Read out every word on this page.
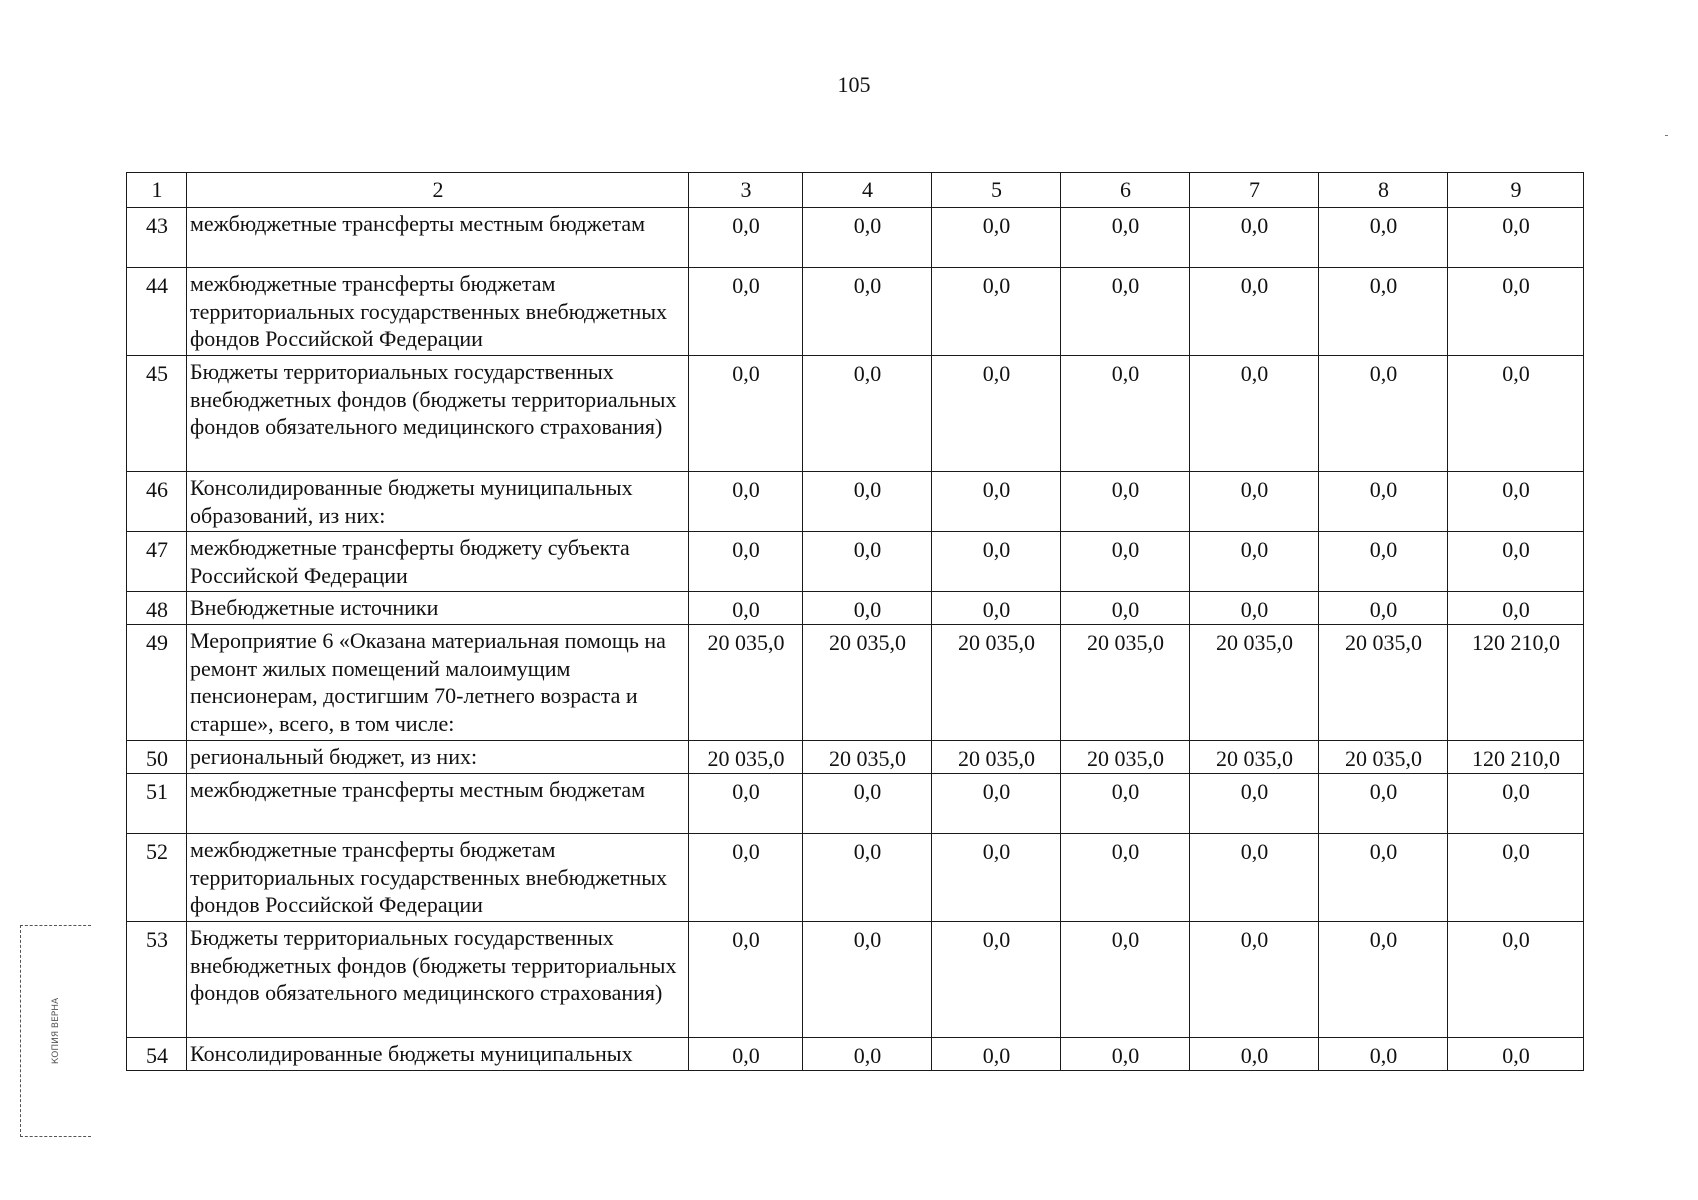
105
1	2	3	4	5	6	7	8	9
43	межбюджетные трансферты местным бюджетам	0,0	0,0	0,0	0,0	0,0	0,0	0,0
44	межбюджетные трансферты бюджетам территориальных государственных внебюджетных фондов Российской Федерации	0,0	0,0	0,0	0,0	0,0	0,0	0,0
45	Бюджеты территориальных государственных внебюджетных фондов (бюджеты территориальных фондов обязательного медицинского страхования)	0,0	0,0	0,0	0,0	0,0	0,0	0,0
46	Консолидированные бюджеты муниципальных образований, из них:	0,0	0,0	0,0	0,0	0,0	0,0	0,0
47	межбюджетные трансферты бюджету субъекта Российской Федерации	0,0	0,0	0,0	0,0	0,0	0,0	0,0
48	Внебюджетные источники	0,0	0,0	0,0	0,0	0,0	0,0	0,0
49	Мероприятие 6 «Оказана материальная помощь на ремонт жилых помещений малоимущим пенсионерам, достигшим 70-летнего возраста и старше», всего, в том числе:	20 035,0	20 035,0	20 035,0	20 035,0	20 035,0	20 035,0	120 210,0
50	региональный бюджет, из них:	20 035,0	20 035,0	20 035,0	20 035,0	20 035,0	20 035,0	120 210,0
51	межбюджетные трансферты местным бюджетам	0,0	0,0	0,0	0,0	0,0	0,0	0,0
52	межбюджетные трансферты бюджетам территориальных государственных внебюджетных фондов Российской Федерации	0,0	0,0	0,0	0,0	0,0	0,0	0,0
53	Бюджеты территориальных государственных внебюджетных фондов (бюджеты территориальных фондов обязательного медицинского страхования)	0,0	0,0	0,0	0,0	0,0	0,0	0,0
54	Консолидированные бюджеты муниципальных	0,0	0,0	0,0	0,0	0,0	0,0	0,0
КОПИЯ ВЕРНА
